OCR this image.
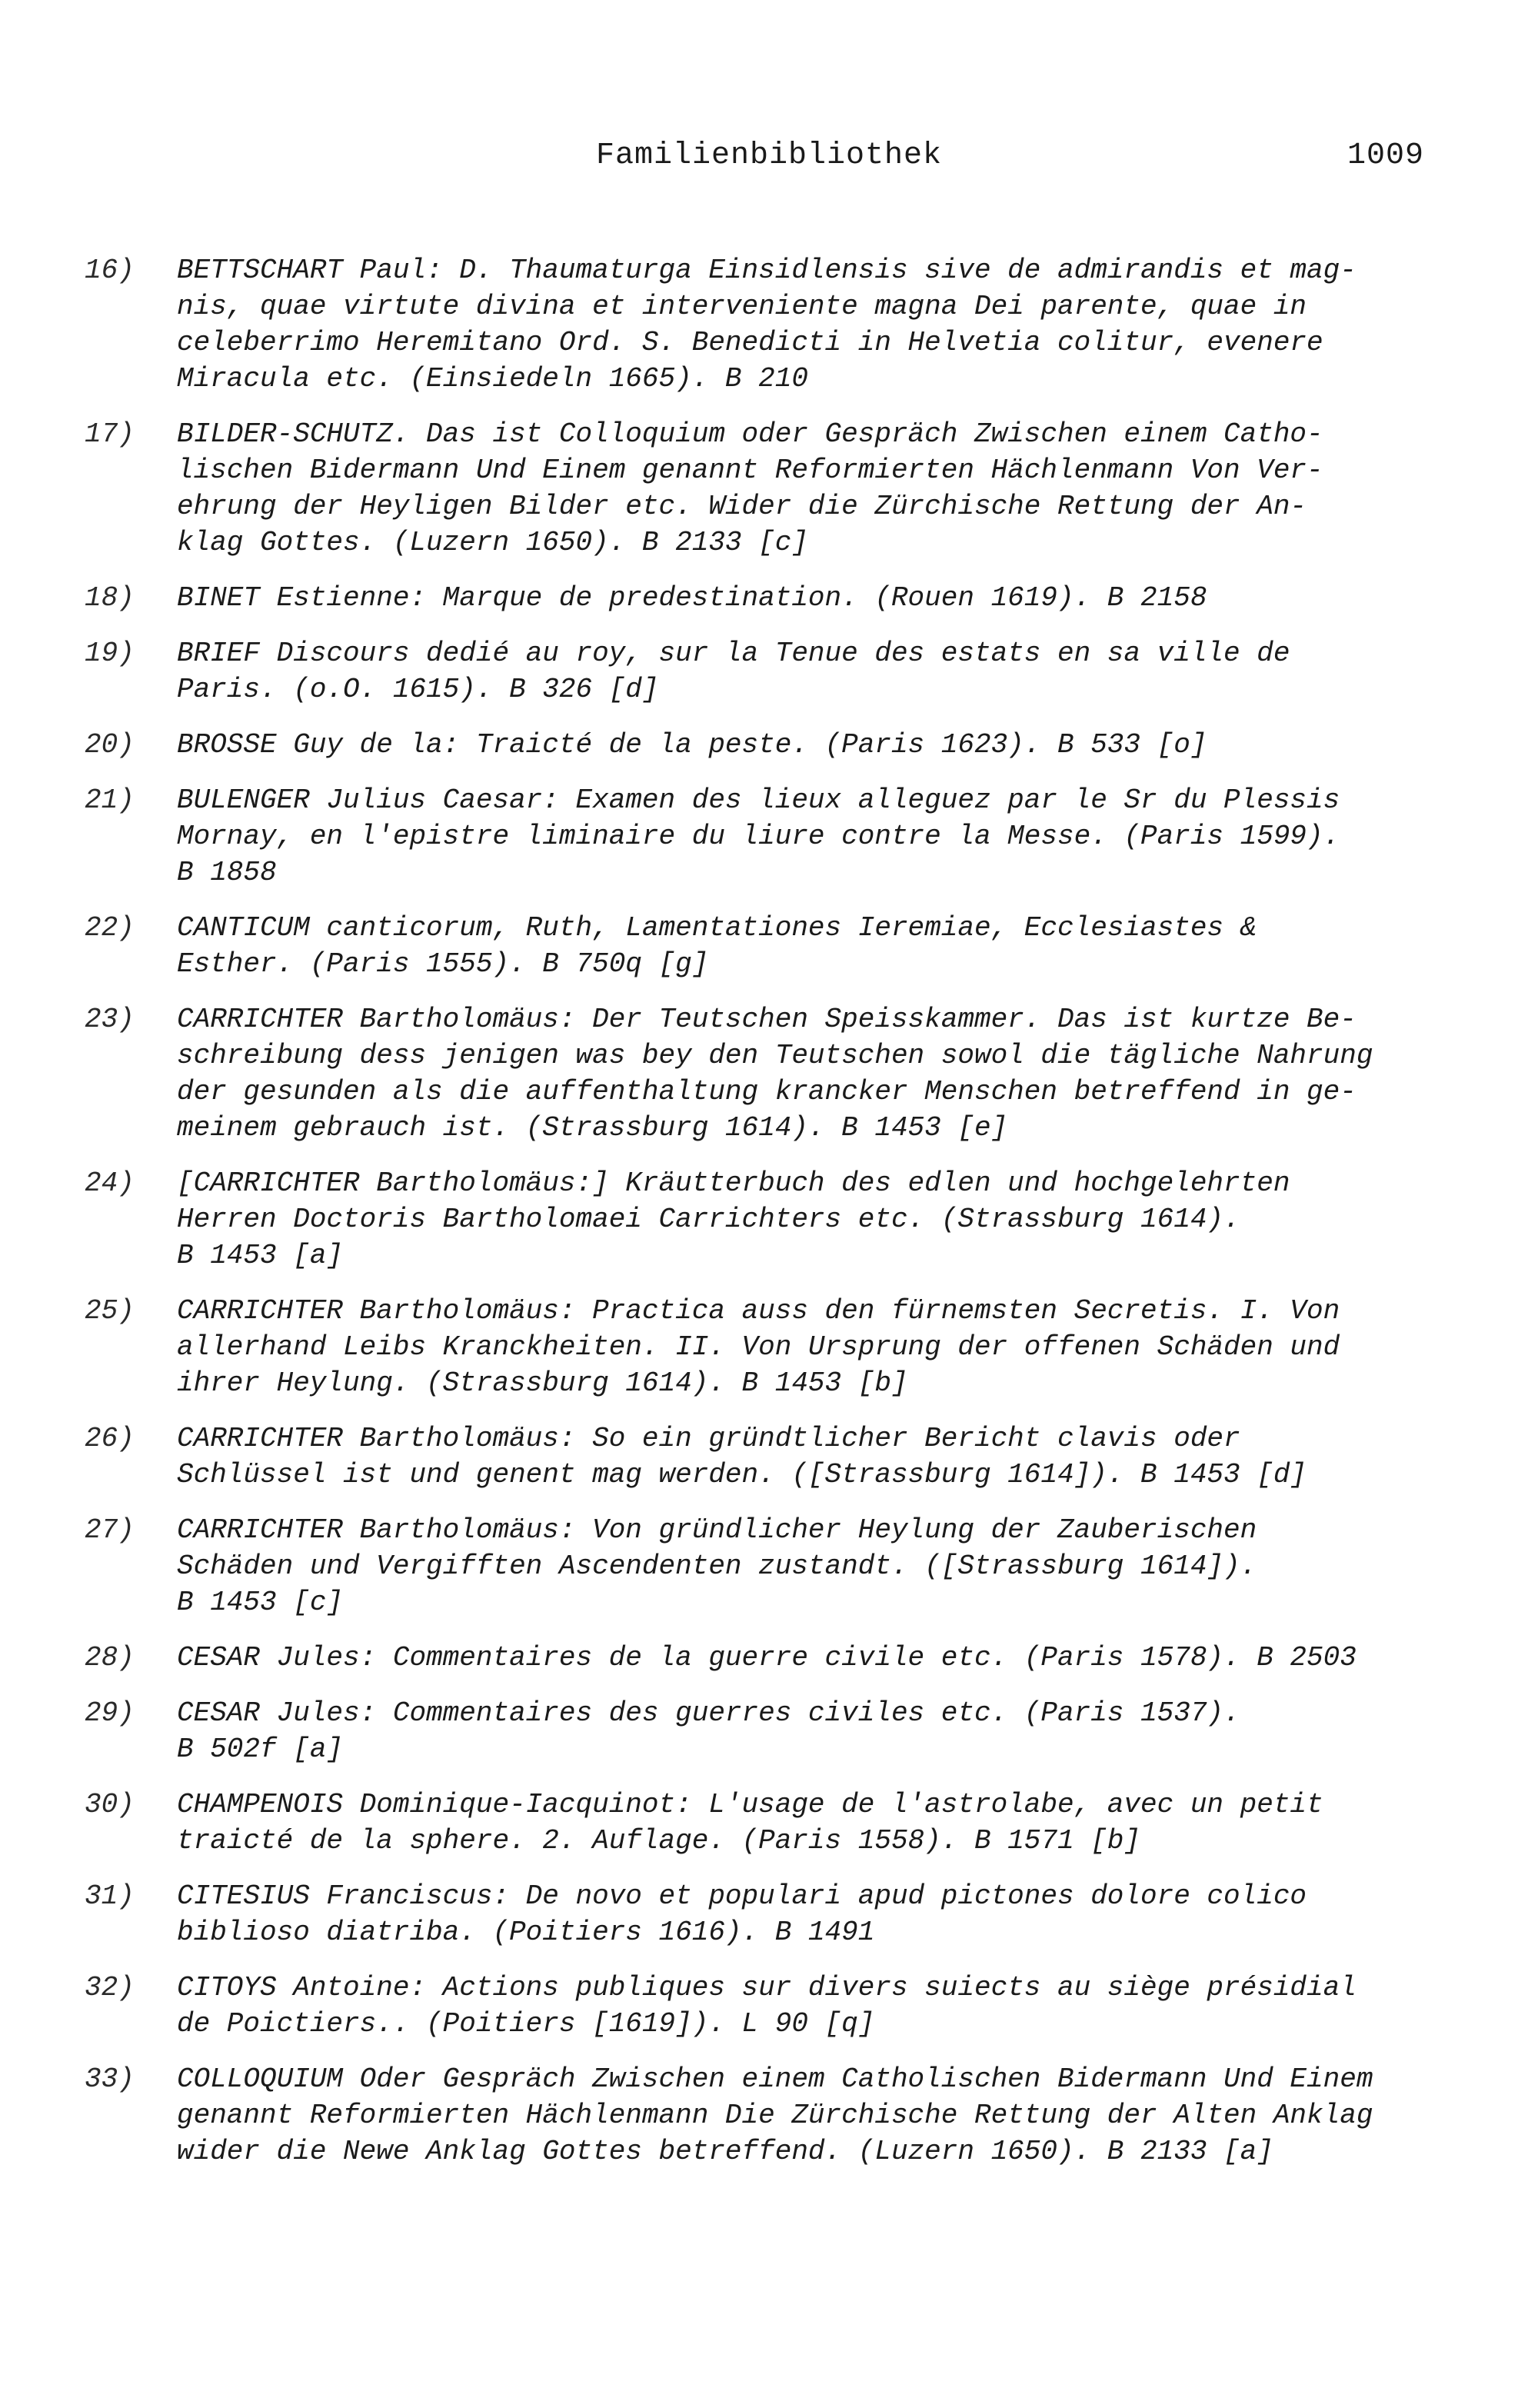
Familienbibliothek	1009
16)	BETTSCHART Paul: D. Thaumaturga Einsidlensis sive de admirandis et mag-
nis, quae virtute divina et interveniente magna Dei parente, quae in
celeberrimo Heremitano Ord. S. Benedicti in Helvetia colitur, evenere
Miracula etc. (Einsiedeln 1665). B 210
17)	BILDER-SCHUTZ. Das ist Colloquium oder Gespräch Zwischen einem Catho-
lischen Bidermann Und Einem genannt Reformierten Hächlenmann Von Ver-
ehrung der Heyligen Bilder etc. Wider die Zürchische Rettung der An-
klag Gottes. (Luzern 1650). B 2133 [c]
18)	BINET Estienne: Marque de predestination. (Rouen 1619). B 2158
19)	BRIEF Discours dedié au roy, sur la Tenue des estats en sa ville de
Paris. (o.O. 1615). B 326 [d]
20)	BROSSE Guy de la: Traicté de la peste. (Paris 1623). B 533 [o]
21)	BULENGER Julius Caesar: Examen des lieux alleguez par le Sr du Plessis
Mornay, en l'epistre liminaire du liure contre la Messe. (Paris 1599).
B 1858
22)	CANTICUM canticorum, Ruth, Lamentationes Ieremiae, Ecclesiastes &
Esther. (Paris 1555). B 750q [g]
23)	CARRICHTER Bartholomäus: Der Teutschen Speisskammer. Das ist kurtze Be-
schreibung dess jenigen was bey den Teutschen sowol die tägliche Nahrung
der gesunden als die auffenthaltung krancker Menschen betreffend in ge-
meinem gebrauch ist. (Strassburg 1614). B 1453 [e]
24)	[CARRICHTER Bartholomäus:] Kräutterbuch des edlen und hochgelehrten
Herren Doctoris Bartholomaei Carrichters etc. (Strassburg 1614).
B 1453 [a]
25)	CARRICHTER Bartholomäus: Practica auss den fürnemsten Secretis. I. Von
allerhand Leibs Kranckheiten. II. Von Ursprung der offenen Schäden und
ihrer Heylung. (Strassburg 1614). B 1453 [b]
26)	CARRICHTER Bartholomäus: So ein gründtlicher Bericht clavis oder
Schlüssel ist und genent mag werden. ([Strassburg 1614]). B 1453 [d]
27)	CARRICHTER Bartholomäus: Von gründlicher Heylung der Zauberischen
Schäden und Vergifften Ascendenten zustandt. ([Strassburg 1614]).
B 1453 [c]
28)	CESAR Jules: Commentaires de la guerre civile etc. (Paris 1578). B 2503
29)	CESAR Jules: Commentaires des guerres civiles etc. (Paris 1537).
B 502f [a]
30)	CHAMPENOIS Dominique-Iacquinot: L'usage de l'astrolabe, avec un petit
traicté de la sphere. 2. Auflage. (Paris 1558). B 1571 [b]
31)	CITESIUS Franciscus: De novo et populari apud pictones dolore colico
biblioso diatriba. (Poitiers 1616). B 1491
32)	CITOYS Antoine: Actions publiques sur divers suiects au siège présidial
de Poictiers.. (Poitiers [1619]). L 90 [q]
33)	COLLOQUIUM Oder Gespräch Zwischen einem Catholischen Bidermann Und Einem
genannt Reformierten Hächlenmann Die Zürchische Rettung der Alten Anklag
wider die Newe Anklag Gottes betreffend. (Luzern 1650). B 2133 [a]
